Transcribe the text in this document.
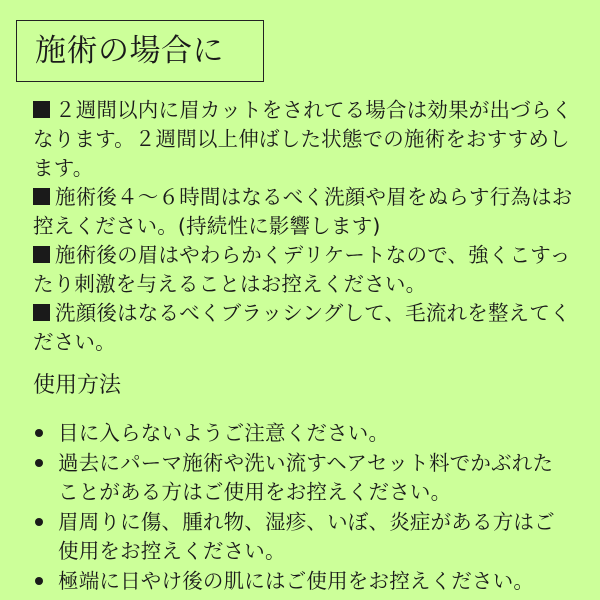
施術の場合に
２週間以内に眉カットをされてる場合は効果が出づらくなります。２週間以上伸ばした状態での施術をおすすめします。
施術後４～６時間はなるべく洗顔や眉をぬらす行為はお控えください。(持続性に影響します)
施術後の眉はやわらかくデリケートなので、強くこすったり刺激を与えることはお控えください。
洗顔後はなるべくブラッシングして、毛流れを整えてください。
使用方法
目に入らないようご注意ください。
過去にパーマ施術や洗い流すヘアセット料でかぶれたことがある方はご使用をお控えください。
眉周りに傷、腫れ物、湿疹、いぼ、炎症がある方はご使用をお控えください。
極端に日やけ後の肌にはご使用をお控えください。
